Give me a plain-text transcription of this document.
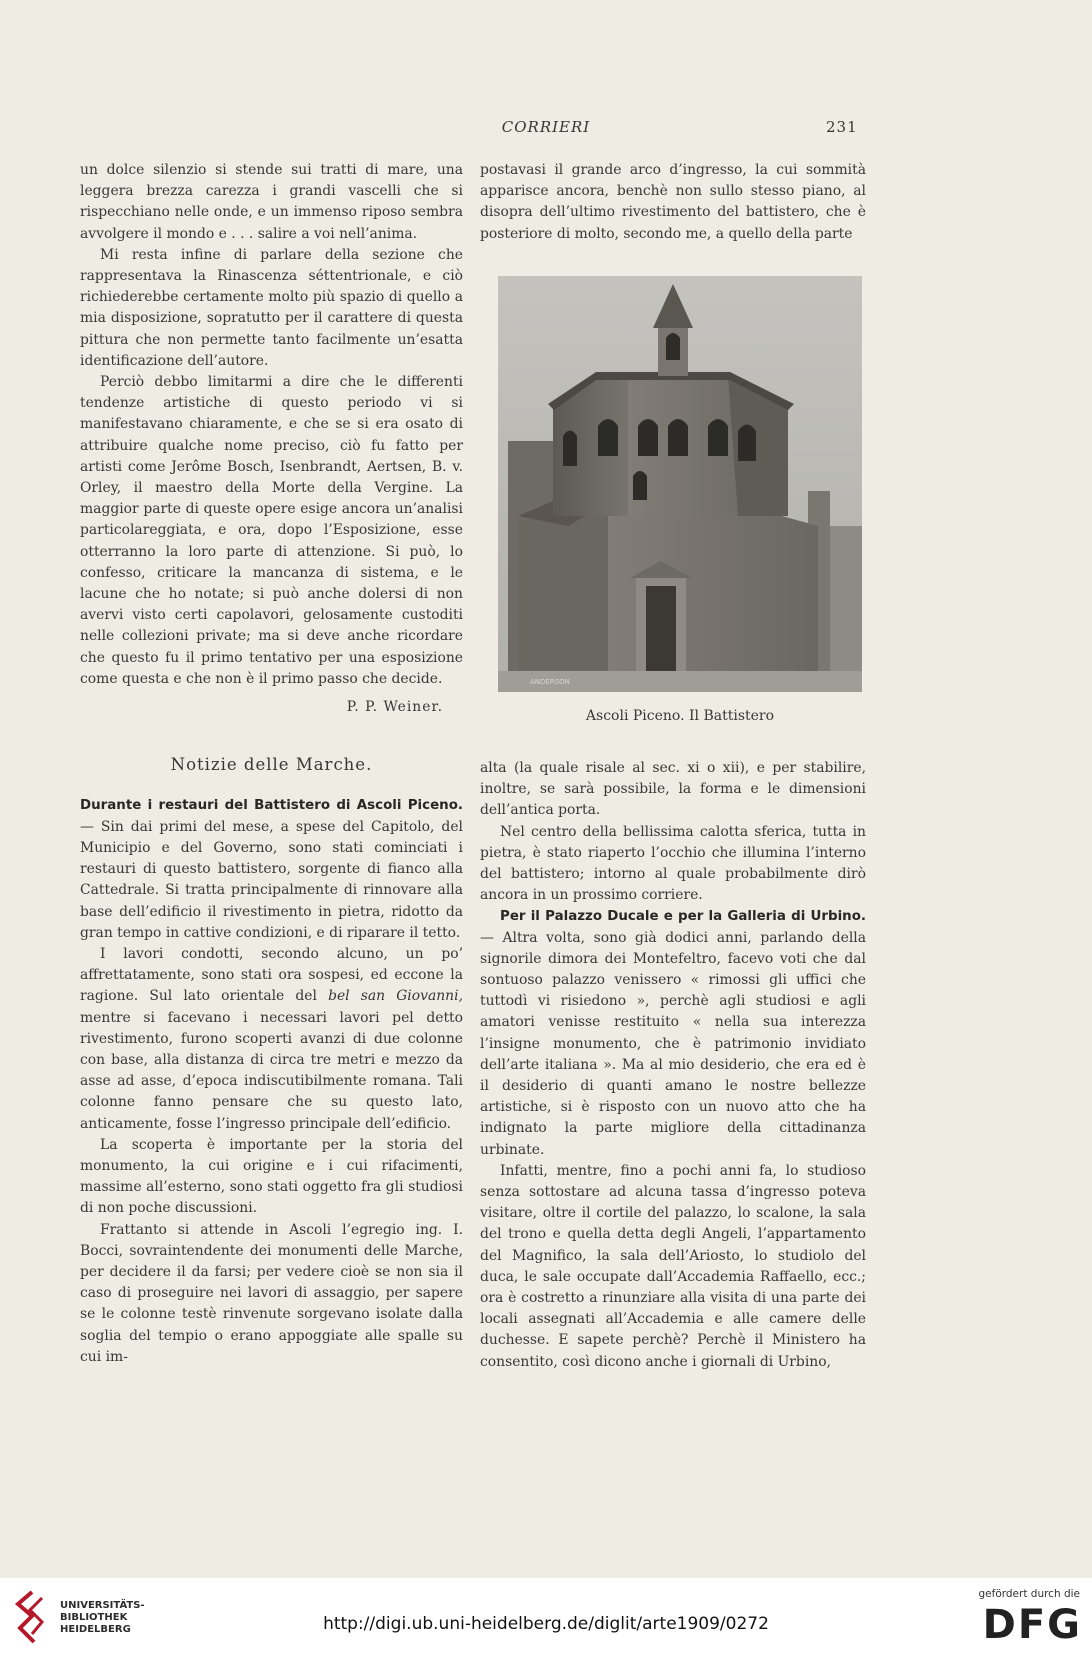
CORRIERI	231

un dolce silenzio si stende sui tratti di mare, una leggera brezza carezza i grandi vascelli che si rispecchiano nelle onde, e un immenso riposo sembra avvolgere il mondo e . . . salire a voi nell’anima.

Mi resta infine di parlare della sezione che rappresentava la Rinascenza séttentrionale, e ciò richiederebbe certamente molto più spazio di quello a mia disposizione, sopratutto per il carattere di questa pittura che non permette tanto facilmente un’esatta identificazione dell’autore.

Perciò debbo limitarmi a dire che le differenti tendenze artistiche di questo periodo vi si manifestavano chiaramente, e che se si era osato di attribuire qualche nome preciso, ciò fu fatto per artisti come Jerôme Bosch, Isenbrandt, Aertsen, B. v. Orley, il maestro della Morte della Vergine. La maggior parte di queste opere esige ancora un’analisi particolareggiata, e ora, dopo l’Esposizione, esse otterranno la loro parte di attenzione. Si può, lo confesso, criticare la mancanza di sistema, e le lacune che ho notate; si può anche dolersi di non avervi visto certi capolavori, gelosamente custoditi nelle collezioni private; ma si deve anche ricordare che questo fu il primo tentativo per una esposizione come questa e che non è il primo passo che decide.

P. P. Weiner.
Notizie delle Marche.

Durante i restauri del Battistero di Ascoli Piceno. — Sin dai primi del mese, a spese del Capitolo, del Municipio e del Governo, sono stati cominciati i restauri di questo battistero, sorgente di fianco alla Cattedrale. Si tratta principalmente di rinnovare alla base dell’edificio il rivestimento in pietra, ridotto da gran tempo in cattive condizioni, e di riparare il tetto.

I lavori condotti, secondo alcuno, un po’ affrettatamente, sono stati ora sospesi, ed eccone la ragione. Sul lato orientale del bel san Giovanni, mentre si facevano i necessari lavori pel detto rivestimento, furono scoperti avanzi di due colonne con base, alla distanza di circa tre metri e mezzo da asse ad asse, d’epoca indiscutibilmente romana. Tali colonne fanno pensare che su questo lato, anticamente, fosse l’ingresso principale dell’edificio.

La scoperta è importante per la storia del monumento, la cui origine e i cui rifacimenti, massime all’esterno, sono stati oggetto fra gli studiosi di non poche discussioni.

Frattanto si attende in Ascoli l’egregio ing. I. Bocci, sovraintendente dei monumenti delle Marche, per decidere il da farsi; per vedere cioè se non sia il caso di proseguire nei lavori di assaggio, per sapere se le colonne testè rinvenute sorgevano isolate dalla soglia del tempio o erano appoggiate alle spalle su cui im-

postavasi il grande arco d’ingresso, la cui sommità apparisce ancora, benchè non sullo stesso piano, al disopra dell’ultimo rivestimento del battistero, che è posteriore di molto, secondo me, a quello della parte

ANDERSON
Ascoli Piceno. Il Battistero

alta (la quale risale al sec. xi o xii), e per stabilire, inoltre, se sarà possibile, la forma e le dimensioni dell’antica porta.

Nel centro della bellissima calotta sferica, tutta in pietra, è stato riaperto l’occhio che illumina l’interno del battistero; intorno al quale probabilmente dirò ancora in un prossimo corriere.

Per il Palazzo Ducale e per la Galleria di Urbino. — Altra volta, sono già dodici anni, parlando della signorile dimora dei Montefeltro, facevo voti che dal sontuoso palazzo venissero « rimossi gli uffici che tuttodì vi risiedono », perchè agli studiosi e agli amatori venisse restituito « nella sua interezza l’insigne monumento, che è patrimonio invidiato dell’arte italiana ». Ma al mio desiderio, che era ed è il desiderio di quanti amano le nostre bellezze artistiche, si è risposto con un nuovo atto che ha indignato la parte migliore della cittadinanza urbinate.

Infatti, mentre, fino a pochi anni fa, lo studioso senza sottostare ad alcuna tassa d’ingresso poteva visitare, oltre il cortile del palazzo, lo scalone, la sala del trono e quella detta degli Angeli, l’appartamento del Magnifico, la sala dell’Ariosto, lo studiolo del duca, le sale occupate dall’Accademia Raffaello, ecc.; ora è costretto a rinunziare alla visita di una parte dei locali assegnati all’Accademia e alle camere delle duchesse. E sapete perchè? Perchè il Ministero ha consentito, così dicono anche i giornali di Urbino,

UNIVERSITÄTS-
BIBLIOTHEK
HEIDELBERG	http://digi.ub.uni-heidelberg.de/diglit/arte1909/0272
gefördert durch die
DFG
